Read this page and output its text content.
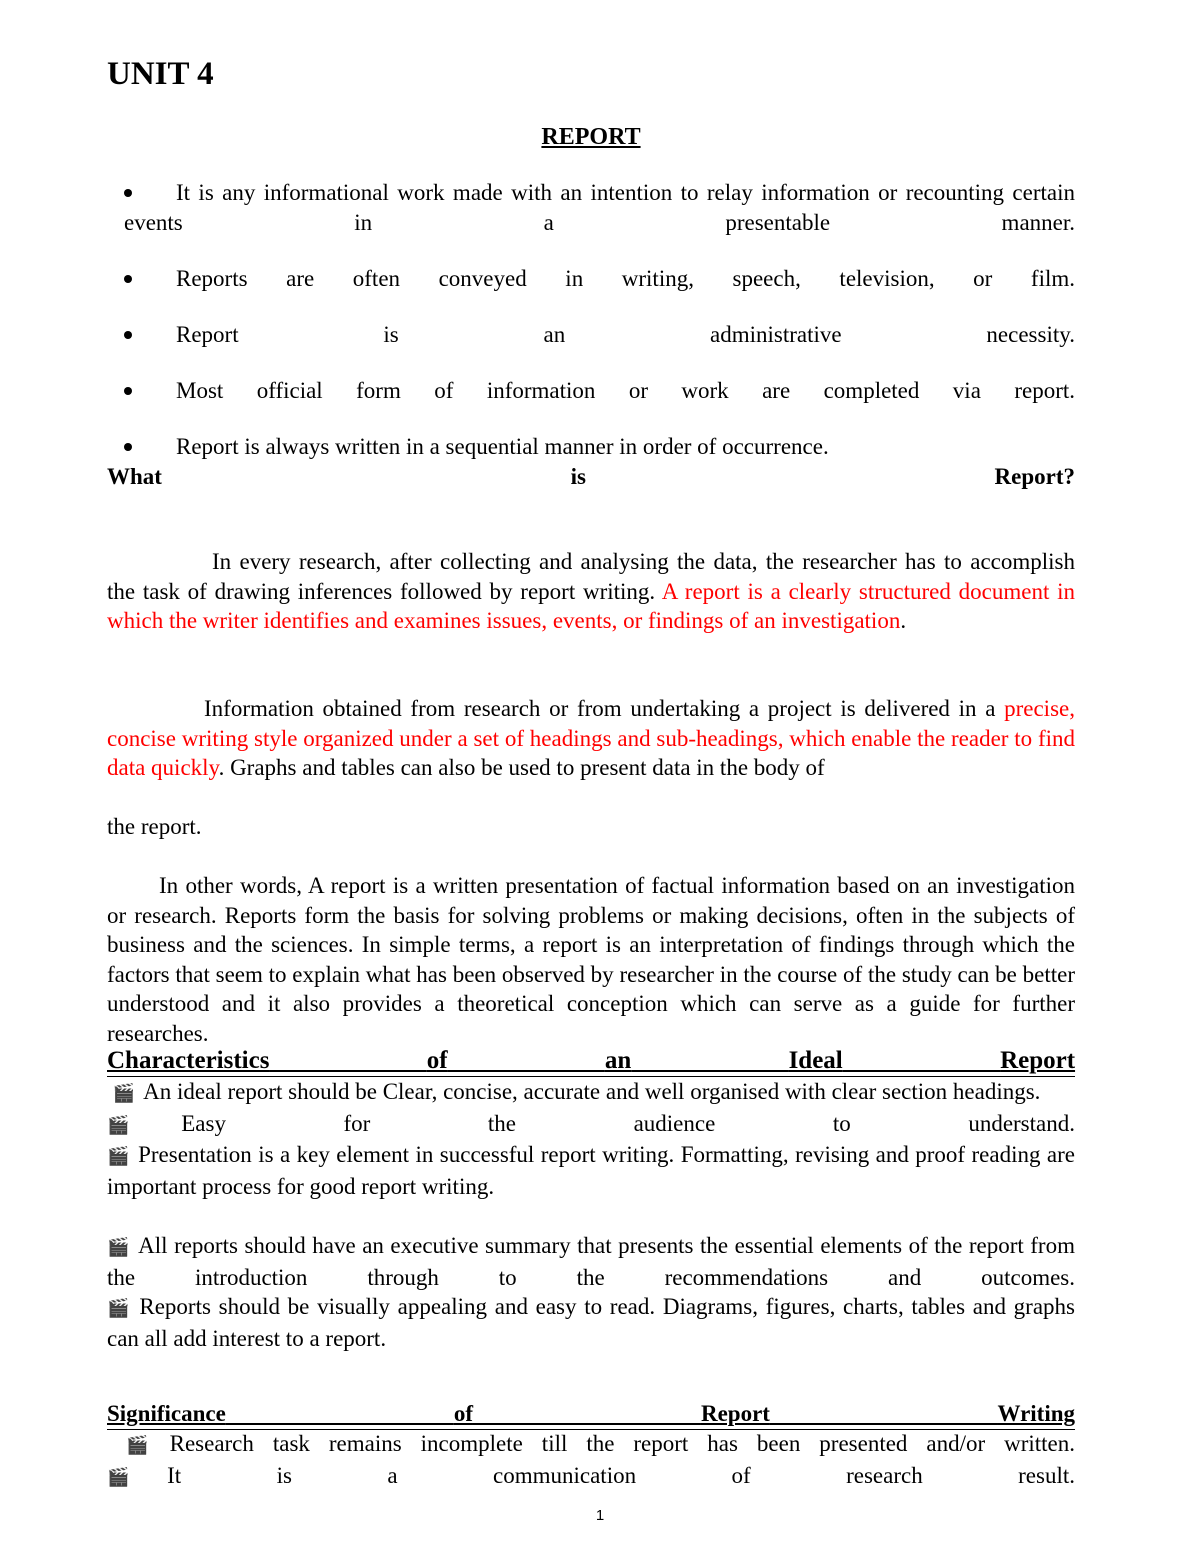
UNIT 4
REPORT
It is any informational work made with an intention to relay information or recounting certain events in a presentable manner.
Reports are often conveyed in writing, speech, television, or film.
Report is an administrative necessity.
Most official form of information or work are completed via report.
Report is always written in a sequential manner in order of occurrence.
What	is	Report?
In every research, after collecting and analysing the data, the researcher has to accomplish the task of drawing inferences followed by report writing. A report is a clearly structured document in which the writer identifies and examines issues, events, or findings of an investigation.
Information obtained from research or from undertaking a project is delivered in a precise, concise writing style organized under a set of headings and sub-headings, which enable the reader to find data quickly. Graphs and tables can also be used to present data in the body of
the report.
In other words, A report is a written presentation of factual information based on an investigation or research. Reports form the basis for solving problems or making decisions, often in the subjects of business and the sciences. In simple terms, a report is an interpretation of findings through which the factors that seem to explain what has been observed by researcher in the course of the study can be better understood and it also provides a theoretical conception which can serve as a guide for further researches.
Characteristics	of	an	Ideal	Report
🎬 An ideal report should be Clear, concise, accurate and well organised with clear section headings.
🎬 Easy for the audience to understand.
🎬 Presentation is a key element in successful report writing. Formatting, revising and proof reading are important process for good report writing.
🎬 All reports should have an executive summary that presents the essential elements of the report from the introduction through to the recommendations and outcomes.
🎬 Reports should be visually appealing and easy to read. Diagrams, figures, charts, tables and graphs can all add interest to a report.
Significance	of	Report	Writing
🎬 Research task remains incomplete till the report has been presented and/or written.
🎬 It is a communication of research result.
1
